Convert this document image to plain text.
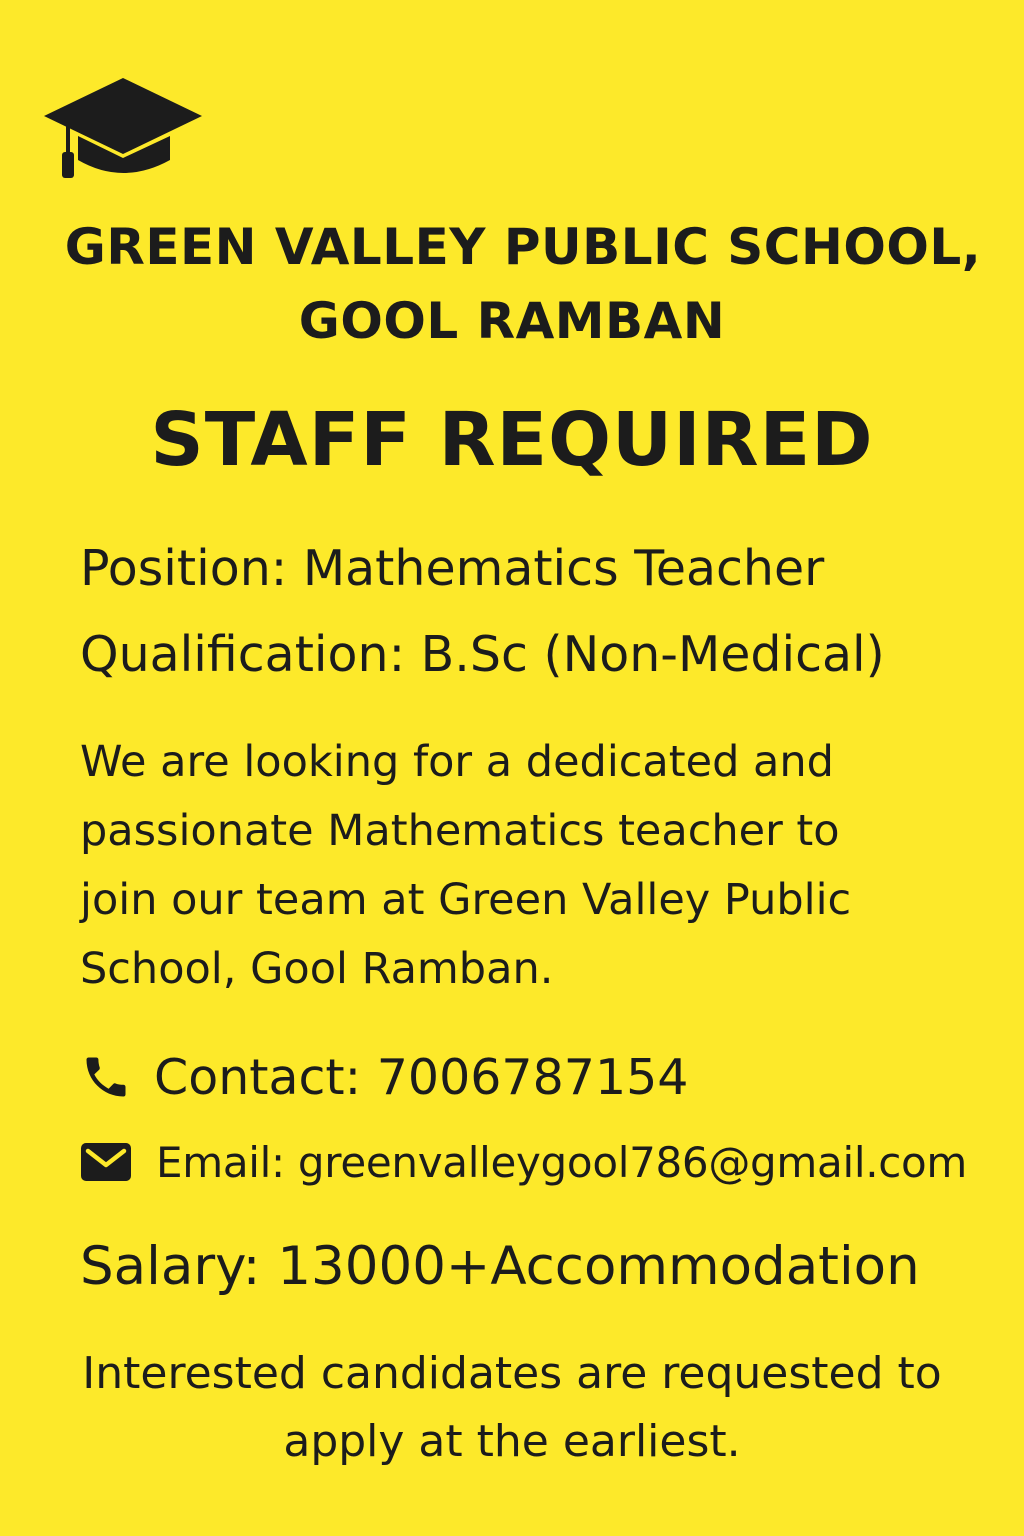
GREEN VALLEY PUBLIC SCHOOL,
GOOL RAMBAN
STAFF REQUIRED
Position: Mathematics Teacher
Qualification: B.Sc (Non-Medical)
We are looking for a dedicated and
passionate Mathematics teacher to
join our team at Green Valley Public
School, Gool Ramban.
Contact: 7006787154
Email: greenvalleygool786@gmail.com
Salary: 13000+Accommodation
Interested candidates are requested to
apply at the earliest.
